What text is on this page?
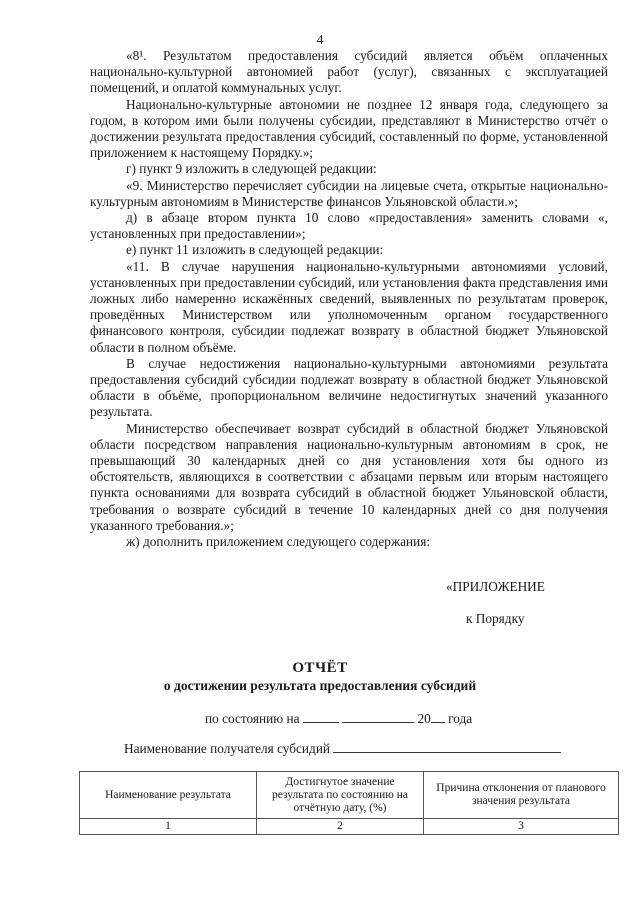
4

«8¹. Результатом предоставления субсидий является объём оплаченных национально-культурной автономией работ (услуг), связанных с эксплуатацией помещений, и оплатой коммунальных услуг.

Национально-культурные автономии не позднее 12 января года, следующего за годом, в котором ими были получены субсидии, представляют в Министерство отчёт о достижении результата предоставления субсидий, составленный по форме, установленной приложением к настоящему Порядку.»;

г) пункт 9 изложить в следующей редакции:

«9. Министерство перечисляет субсидии на лицевые счета, открытые национально-культурным автономиям в Министерстве финансов Ульяновской области.»;

д) в абзаце втором пункта 10 слово «предоставления» заменить словами «, установленных при предоставлении»;

е) пункт 11 изложить в следующей редакции:

«11. В случае нарушения национально-культурными автономиями условий, установленных при предоставлении субсидий, или установления факта представления ими ложных либо намеренно искажённых сведений, выявленных по результатам проверок, проведённых Министерством или уполномоченным органом государственного финансового контроля, субсидии подлежат возврату в областной бюджет Ульяновской области в полном объёме.

В случае недостижения национально-культурными автономиями результата предоставления субсидий субсидии подлежат возврату в областной бюджет Ульяновской области в объёме, пропорциональном величине недостигнутых значений указанного результата.

Министерство обеспечивает возврат субсидий в областной бюджет Ульяновской области посредством направления национально-культурным автономиям в срок, не превышающий 30 календарных дней со дня установления хотя бы одного из обстоятельств, являющихся в соответствии с абзацами первым или вторым настоящего пункта основаниями для возврата субсидий в областной бюджет Ульяновской области, требования о возврате субсидий в течение 10 календарных дней со дня получения указанного требования.»;

ж) дополнить приложением следующего содержания:

«ПРИЛОЖЕНИЕ
к Порядку
ОТЧЁТ
о достижении результата предоставления субсидий
по состоянию на	20 года
Наименование получателя субсидий
Наименование результата	Достигнутое значение результата по состоянию на отчётную дату, (%)	Причина отклонения от планового значения результата
1	2	3
